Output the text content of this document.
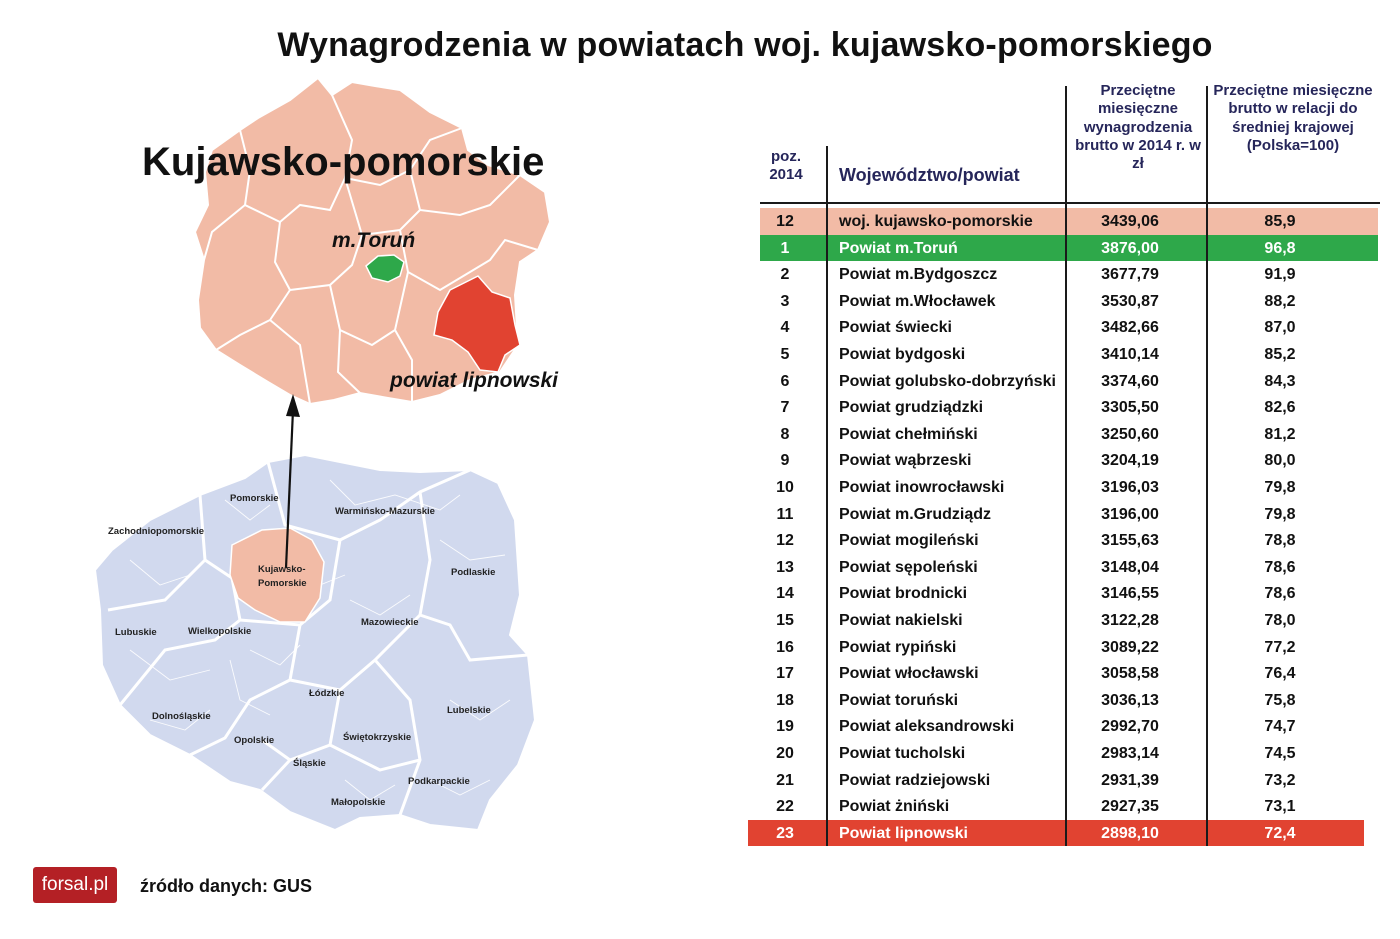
Wynagrodzenia w powiatach woj. kujawsko-pomorskiego
Kujawsko-pomorskie
m.Toruń
powiat lipnowski
Pomorskie
Warmińsko-Mazurskie
Zachodniopomorskie
Kujawsko-
Pomorskie
Podlaskie
Lubuskie	Wielkopolskie
Mazowieckie
Łódzkie
Lubelskie
Dolnośląskie
Opolskie	Świętokrzyskie
Śląskie
Podkarpackie
Małopolskie
poz. 2014	Województwo/powiat
Przeciętne miesięczne wynagrodzenia brutto w 2014 r. w zł
Przeciętne miesięczne brutto w relacji do średniej krajowej (Polska=100)
12	woj. kujawsko-pomorskie	3439,06	85,9
1	Powiat m.Toruń	3876,00	96,8
2	Powiat m.Bydgoszcz	3677,79	91,9
3	Powiat m.Włocławek	3530,87	88,2
4	Powiat świecki	3482,66	87,0
5	Powiat bydgoski	3410,14	85,2
6	Powiat golubsko-dobrzyński	3374,60	84,3
7	Powiat grudziądzki	3305,50	82,6
8	Powiat chełmiński	3250,60	81,2
9	Powiat wąbrzeski	3204,19	80,0
10	Powiat inowrocławski	3196,03	79,8
11	Powiat m.Grudziądz	3196,00	79,8
12	Powiat mogileński	3155,63	78,8
13	Powiat sępoleński	3148,04	78,6
14	Powiat brodnicki	3146,55	78,6
15	Powiat nakielski	3122,28	78,0
16	Powiat rypiński	3089,22	77,2
17	Powiat włocławski	3058,58	76,4
18	Powiat toruński	3036,13	75,8
19	Powiat aleksandrowski	2992,70	74,7
20	Powiat tucholski	2983,14	74,5
21	Powiat radziejowski	2931,39	73,2
22	Powiat żniński	2927,35	73,1
23	Powiat lipnowski	2898,10	72,4
forsal.pl	źródło danych: GUS
